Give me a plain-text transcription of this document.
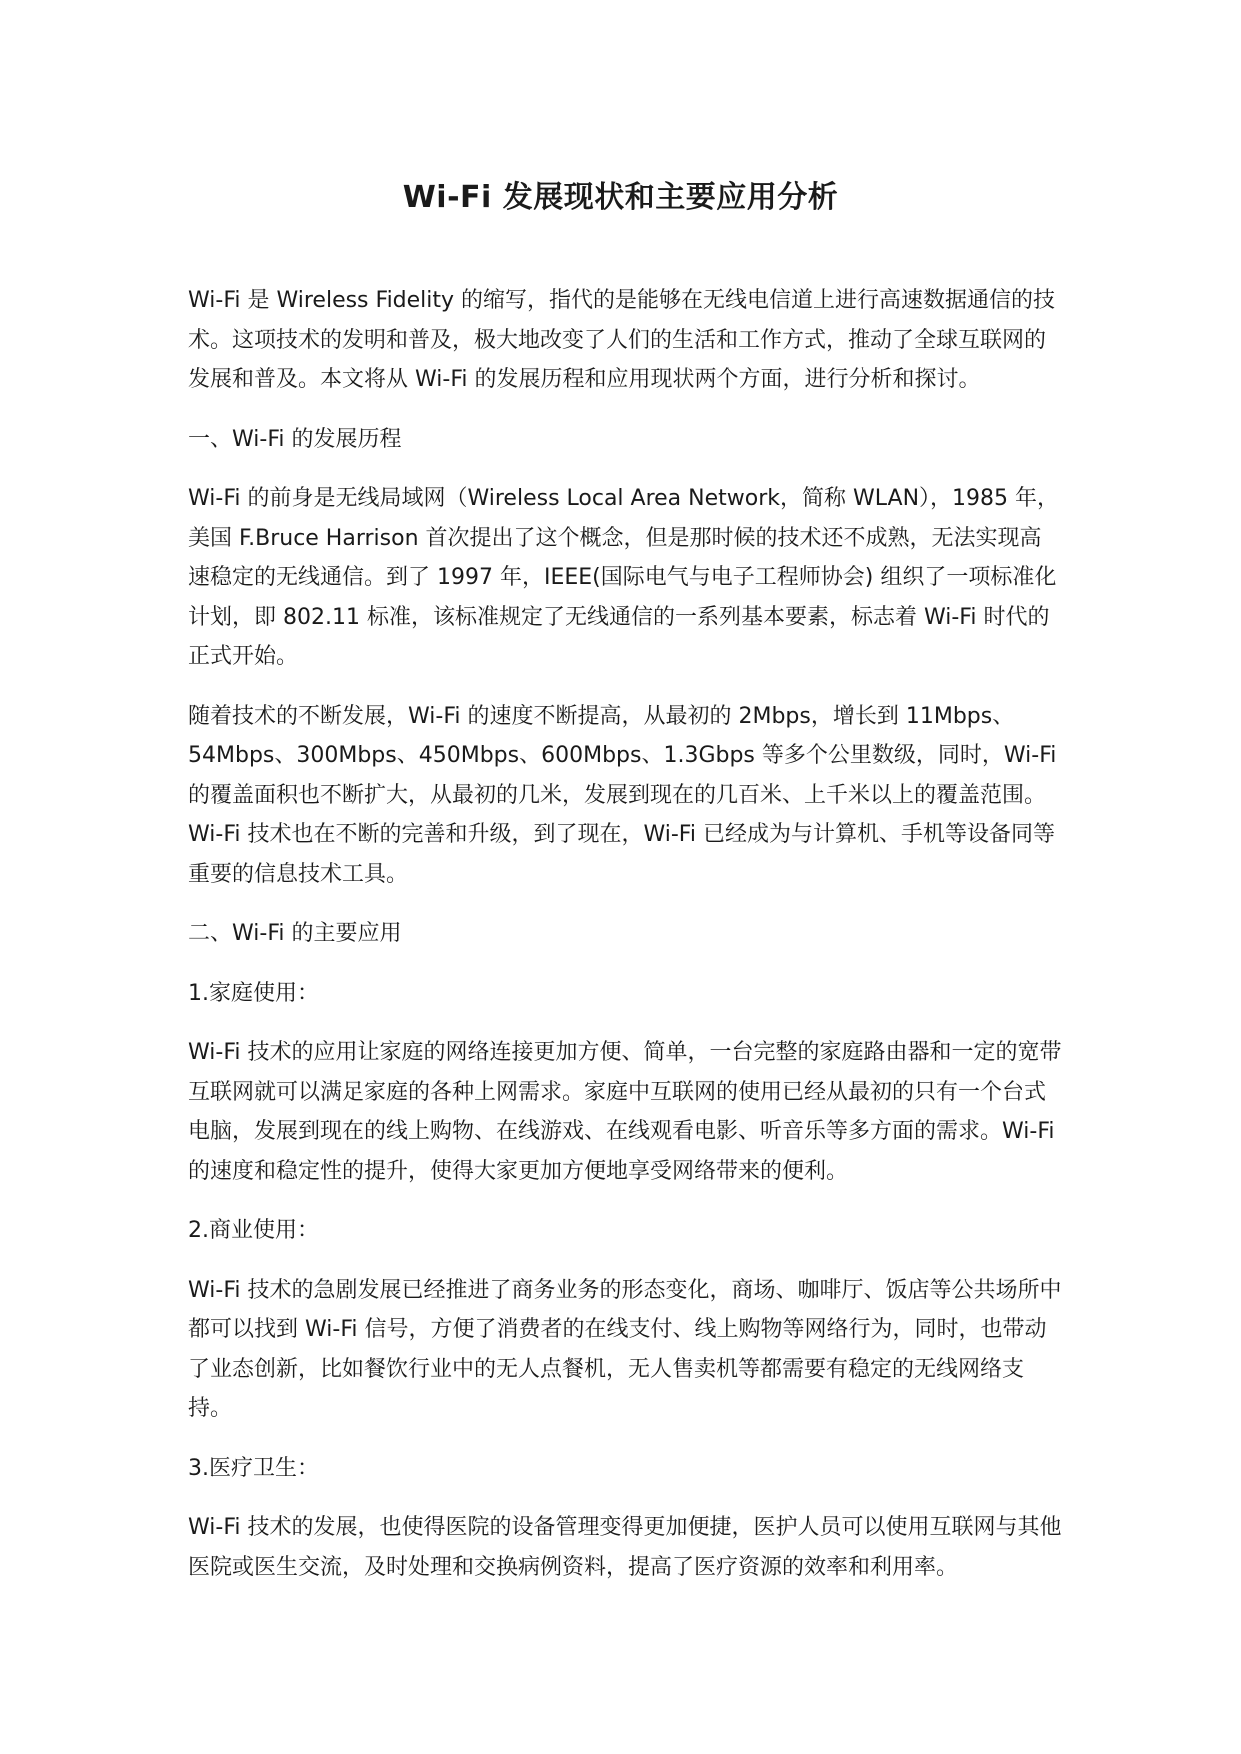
Wi-Fi 发展现状和主要应用分析

Wi-Fi 是 Wireless Fidelity 的缩写，指代的是能够在无线电信道上进行高速数据通信的技术。这项技术的发明和普及，极大地改变了人们的生活和工作方式，推动了全球互联网的发展和普及。本文将从 Wi-Fi 的发展历程和应用现状两个方面，进行分析和探讨。

一、Wi-Fi 的发展历程

Wi-Fi 的前身是无线局域网（Wireless Local Area Network，简称 WLAN），1985 年，美国 F.Bruce Harrison 首次提出了这个概念，但是那时候的技术还不成熟，无法实现高速稳定的无线通信。到了 1997 年，IEEE(国际电气与电子工程师协会) 组织了一项标准化计划，即 802.11 标准，该标准规定了无线通信的一系列基本要素，标志着 Wi-Fi 时代的正式开始。

随着技术的不断发展，Wi-Fi 的速度不断提高，从最初的 2Mbps，增长到 11Mbps、54Mbps、300Mbps、450Mbps、600Mbps、1.3Gbps 等多个公里数级，同时，Wi-Fi 的覆盖面积也不断扩大，从最初的几米，发展到现在的几百米、上千米以上的覆盖范围。Wi-Fi 技术也在不断的完善和升级，到了现在，Wi-Fi 已经成为与计算机、手机等设备同等重要的信息技术工具。

二、Wi-Fi 的主要应用

1.家庭使用：

Wi-Fi 技术的应用让家庭的网络连接更加方便、简单，一台完整的家庭路由器和一定的宽带互联网就可以满足家庭的各种上网需求。家庭中互联网的使用已经从最初的只有一个台式电脑，发展到现在的线上购物、在线游戏、在线观看电影、听音乐等多方面的需求。Wi-Fi 的速度和稳定性的提升，使得大家更加方便地享受网络带来的便利。

2.商业使用：

Wi-Fi 技术的急剧发展已经推进了商务业务的形态变化，商场、咖啡厅、饭店等公共场所中都可以找到 Wi-Fi 信号，方便了消费者的在线支付、线上购物等网络行为，同时，也带动了业态创新，比如餐饮行业中的无人点餐机，无人售卖机等都需要有稳定的无线网络支持。

3.医疗卫生：

Wi-Fi 技术的发展，也使得医院的设备管理变得更加便捷，医护人员可以使用互联网与其他医院或医生交流，及时处理和交换病例资料，提高了医疗资源的效率和利用率。
